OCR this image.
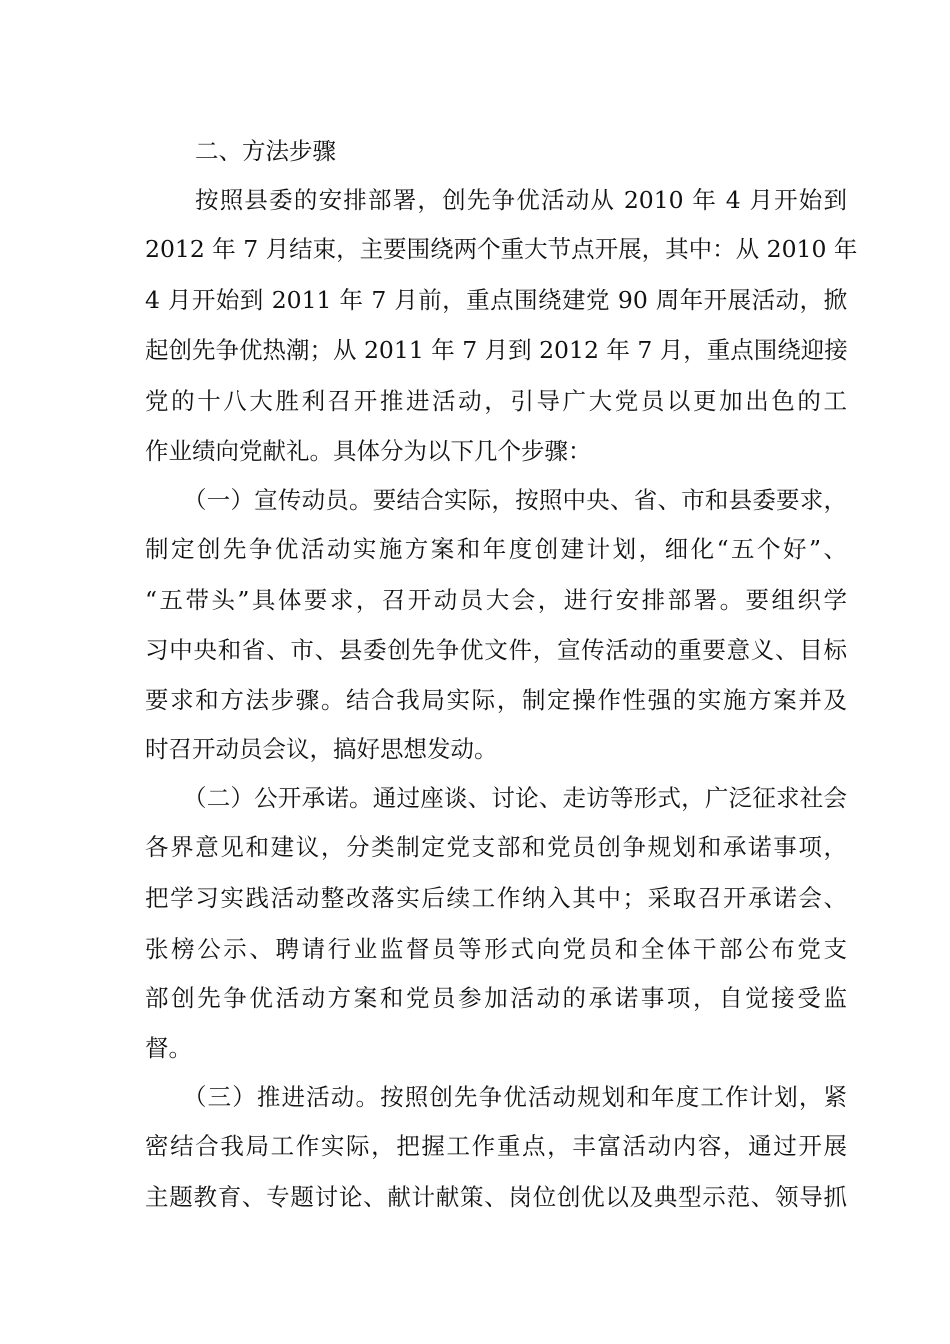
二、方法步骤
按照县委的安排部署，创先争优活动从 2010 年 4 月开始到
2012 年 7 月结束，主要围绕两个重大节点开展，其中：从 2010 年
4 月开始到 2011 年 7 月前，重点围绕建党 90 周年开展活动，掀
起创先争优热潮；从 2011 年 7 月到 2012 年 7 月，重点围绕迎接
党的十八大胜利召开推进活动，引导广大党员以更加出色的工
作业绩向党献礼。具体分为以下几个步骤：
（一）宣传动员。要结合实际，按照中央、省、市和县委要求，
制定创先争优活动实施方案和年度创建计划，细化“五个好”、
“五带头”具体要求，召开动员大会，进行安排部署。要组织学
习中央和省、市、县委创先争优文件，宣传活动的重要意义、目标
要求和方法步骤。结合我局实际，制定操作性强的实施方案并及
时召开动员会议，搞好思想发动。
（二）公开承诺。通过座谈、讨论、走访等形式，广泛征求社会
各界意见和建议，分类制定党支部和党员创争规划和承诺事项，
把学习实践活动整改落实后续工作纳入其中；采取召开承诺会、
张榜公示、聘请行业监督员等形式向党员和全体干部公布党支
部创先争优活动方案和党员参加活动的承诺事项，自觉接受监
督。
（三）推进活动。按照创先争优活动规划和年度工作计划，紧
密结合我局工作实际，把握工作重点，丰富活动内容，通过开展
主题教育、专题讨论、献计献策、岗位创优以及典型示范、领导抓
